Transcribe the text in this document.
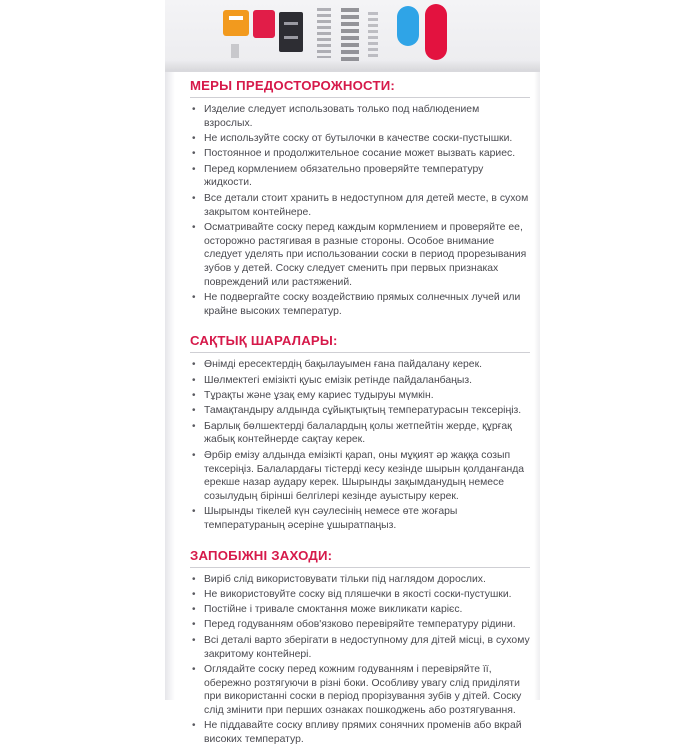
МЕРЫ ПРЕДОСТОРОЖНОСТИ:
• Изделие следует использовать только под наблюдением взрослых.
• Не используйте соску от бутылочки в качестве соски-пустышки.
• Постоянное и продолжительное сосание может вызвать кариес.
• Перед кормлением обязательно проверяйте температуру жидкости.
• Все детали стоит хранить в недоступном для детей месте, в сухом закрытом контейнере.
• Осматривайте соску перед каждым кормлением и проверяйте ее, осторожно растягивая в разные стороны. Особое внимание следует уделять при использовании соски в период прорезывания зубов у детей. Соску следует сменить при первых признаках повреждений или растяжений.
• Не подвергайте соску воздействию прямых солнечных лучей или крайне высоких температур.
САҚТЫҚ ШАРАЛАРЫ:
• Өнімді ересектердің бақылауымен ғана пайдалану керек.
• Шөлмектегі емізікті қуыс емізік ретінде пайдаланбаңыз.
• Тұрақты және ұзақ ему кариес тудыруы мүмкін.
• Тамақтандыру алдында сұйықтықтың температурасын тексеріңіз.
• Барлық бөлшектерді балалардың қолы жетпейтін жерде, құрғақ жабық контейнерде сақтау керек.
• Әрбір емізу алдында емізікті қарап, оны мұқият әр жаққа созып тексеріңіз. Балалардағы тістерді кесу кезінде шырын қолданғанда ерекше назар аудару керек. Шырынды зақымданудың немесе созылудың бірінші белгілері кезінде ауыстыру керек.
• Шырынды тікелей күн сәулесінің немесе өте жоғары температураның әсеріне ұшыратпаңыз.
ЗАПОБІЖНІ ЗАХОДИ:
• Виріб слід використовувати тільки під наглядом дорослих.
• Не використовуйте соску від пляшечки в якості соски-пустушки.
• Постійне і тривале смоктання може викликати карієс.
• Перед годуванням обов'язково перевіряйте температуру рідини.
• Всі деталі варто зберігати в недоступному для дітей місці, в сухому закритому контейнері.
• Оглядайте соску перед кожним годуванням і перевіряйте її, обережно розтягуючи в різні боки. Особливу увагу слід приділяти при використанні соски в період прорізування зубів у дітей. Соску слід змінити при перших ознаках пошкоджень або розтягування.
• Не піддавайте соску впливу прямих сонячних променів або вкрай високих температур.
